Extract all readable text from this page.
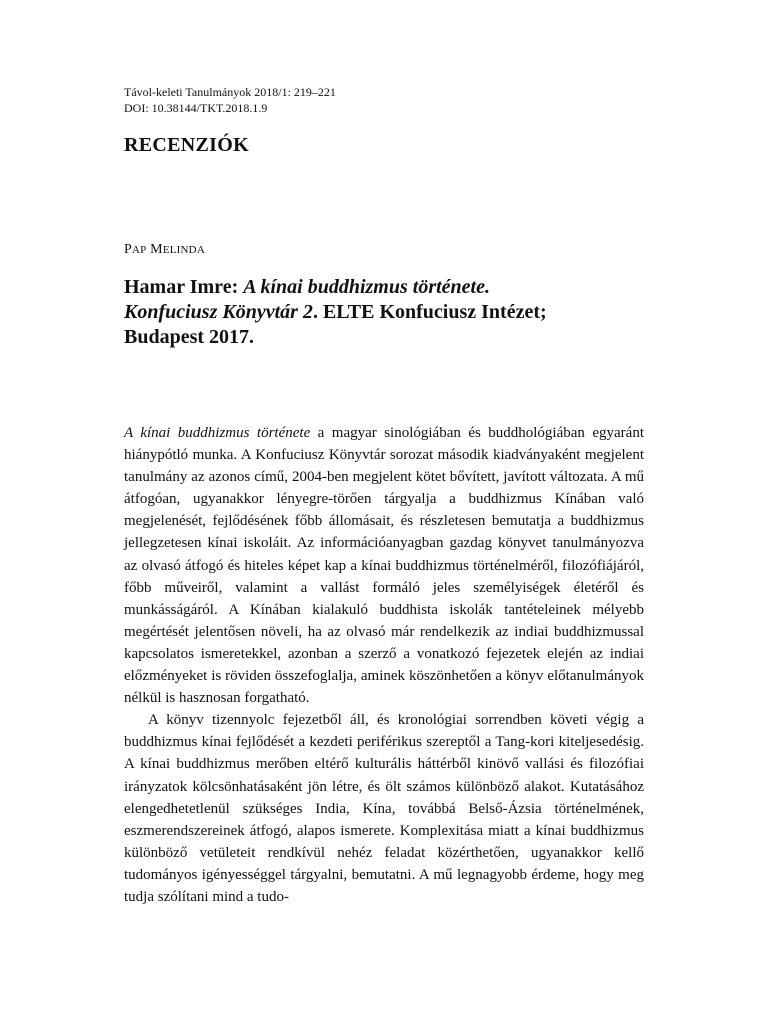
Távol-keleti Tanulmányok 2018/1: 219–221
DOI: 10.38144/TKT.2018.1.9
RECENZIÓK
PAP MELINDA
Hamar Imre: A kínai buddhizmus története.
Konfuciusz Könyvtár 2. ELTE Konfuciusz Intézet;
Budapest 2017.

A kínai buddhizmus története a magyar sinológiában és buddhológiában egyaránt hiánypótló munka. A Konfuciusz Könyvtár sorozat második kiadványaként megjelent tanulmány az azonos című, 2004-ben megjelent kötet bővített, javított változata. A mű átfogóan, ugyanakkor lényegre-törően tárgyalja a buddhizmus Kínában való megjelenését, fejlődésének főbb állomásait, és részletesen bemutatja a buddhizmus jellegzetesen kínai iskoláit. Az információanyagban gazdag könyvet tanulmányozva az olvasó átfogó és hiteles képet kap a kínai buddhizmus történelméről, filozófiájáról, főbb műveiről, valamint a vallást formáló jeles személyiségek életéről és munkásságáról. A Kínában kialakuló buddhista iskolák tantételeinek mélyebb megértését jelentősen növeli, ha az olvasó már rendelkezik az indiai buddhizmussal kapcsolatos ismeretekkel, azonban a szerző a vonatkozó fejezetek elején az indiai előzményeket is röviden összefoglalja, aminek köszönhetően a könyv előtanulmányok nélkül is hasznosan forgatható.

A könyv tizennyolc fejezetből áll, és kronológiai sorrendben követi végig a buddhizmus kínai fejlődését a kezdeti periférikus szereptől a Tang-kori kiteljesedésig. A kínai buddhizmus merőben eltérő kulturális háttérből kinövő vallási és filozófiai irányzatok kölcsönhatásaként jön létre, és ölt számos különböző alakot. Kutatásához elengedhetetlenül szükséges India, Kína, továbbá Belső-Ázsia történelmének, eszmerendszereinek átfogó, alapos ismerete. Komplexitása miatt a kínai buddhizmus különböző vetületeit rendkívül nehéz feladat közérthetően, ugyanakkor kellő tudományos igényességgel tárgyalni, bemutatni. A mű legnagyobb érdeme, hogy meg tudja szólítani mind a tudo-
